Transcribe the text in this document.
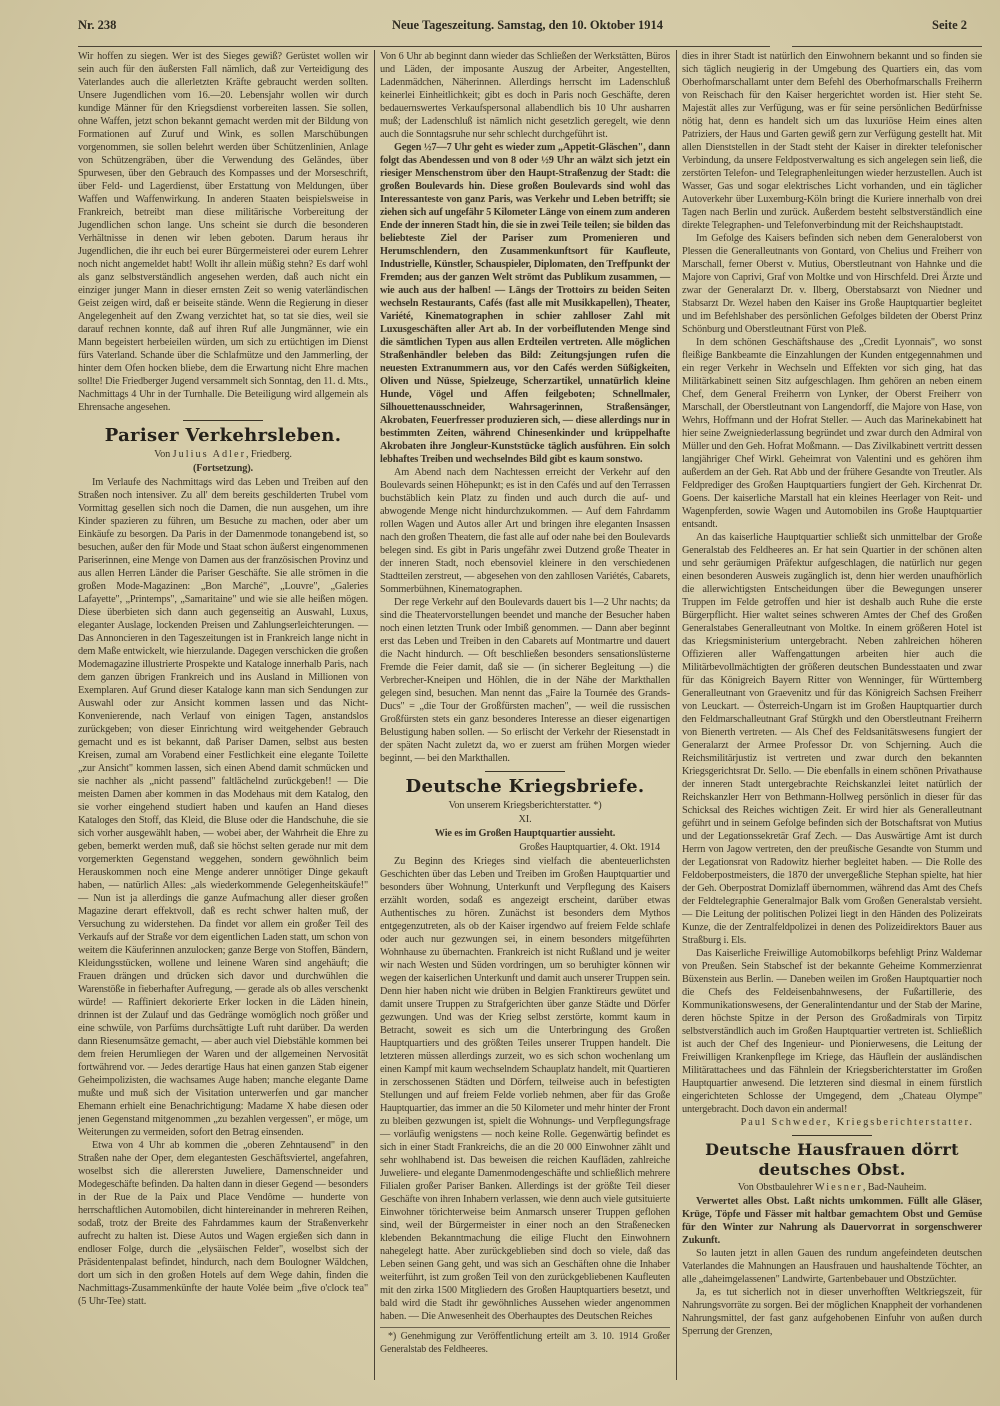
Nr. 238	Neue Tageszeitung. Samstag, den 10. Oktober 1914	Seite 2

Wir hoffen zu siegen. Wer ist des Sieges gewiß? Gerüstet wollen wir sein auch für den äußersten Fall nämlich, daß zur Verteidigung des Vaterlandes auch die allerletzten Kräfte gebraucht werden sollten. Unsere Jugendlichen vom 16.—20. Lebensjahr wollen wir durch kundige Männer für den Kriegsdienst vorbereiten lassen. Sie sollen, ohne Waffen, jetzt schon bekannt gemacht werden mit der Bildung von Formationen auf Zuruf und Wink, es sollen Marschübungen vorgenommen, sie sollen belehrt werden über Schützenlinien, Anlage von Schützengräben, über die Verwendung des Geländes, über Spurwesen, über den Gebrauch des Kompasses und der Morseschrift, über Feld- und Lagerdienst, über Erstattung von Meldungen, über Waffen und Waffenwirkung. In anderen Staaten beispielsweise in Frankreich, betreibt man diese militärische Vorbereitung der Jugendlichen schon lange. Uns scheint sie durch die besonderen Verhältnisse in denen wir leben geboten. Darum heraus ihr Jugendlichen, die ihr euch bei eurer Bürgermeisterei oder eurem Lehrer noch nicht angemeldet habt! Wollt ihr allein müßig stehn? Es darf wohl als ganz selbstverständlich angesehen werden, daß auch nicht ein einziger junger Mann in dieser ernsten Zeit so wenig vaterländischen Geist zeigen wird, daß er beiseite stände. Wenn die Regierung in dieser Angelegenheit auf den Zwang verzichtet hat, so tat sie dies, weil sie darauf rechnen konnte, daß auf ihren Ruf alle Jungmänner, wie ein Mann begeistert herbeieilen würden, um sich zu ertüchtigen im Dienst fürs Vaterland. Schande über die Schlafmütze und den Jammerling, der hinter dem Ofen hocken bliebe, dem die Erwartung nicht Ehre machen sollte! Die Friedberger Jugend versammelt sich Sonntag, den 11. d. Mts., Nachmittags 4 Uhr in der Turnhalle. Die Beteiligung wird allgemein als Ehrensache angesehen.

Pariser Verkehrsleben.
Von Julius Adler, Friedberg.
(Fortsetzung).

Im Verlaufe des Nachmittags wird das Leben und Treiben auf den Straßen noch intensiver. Zu all' dem bereits geschilderten Trubel vom Vormittag gesellen sich noch die Damen, die nun ausgehen, um ihre Kinder spazieren zu führen, um Besuche zu machen, oder aber um Einkäufe zu besorgen. Da Paris in der Damenmode tonangebend ist, so besuchen, außer den für Mode und Staat schon äußerst eingenommenen Pariserinnen, eine Menge von Damen aus der französischen Provinz und aus allen Herren Länder die Pariser Geschäfte. Sie alle strömen in die großen Mode-Magazinen: „Bon Marché", „Louvre", „Galeries Lafayette", „Printemps", „Samaritaine" und wie sie alle heißen mögen. Diese überbieten sich dann auch gegenseitig an Auswahl, Luxus, eleganter Auslage, lockenden Preisen und Zahlungserleichterungen. — Das Annoncieren in den Tageszeitungen ist in Frankreich lange nicht in dem Maße entwickelt, wie hierzulande. Dagegen verschicken die großen Modemagazine illustrierte Prospekte und Kataloge innerhalb Paris, nach dem ganzen übrigen Frankreich und ins Ausland in Millionen von Exemplaren. Auf Grund dieser Kataloge kann man sich Sendungen zur Auswahl oder zur Ansicht kommen lassen und das Nicht-Konvenierende, nach Verlauf von einigen Tagen, anstandslos zurückgeben; von dieser Einrichtung wird weitgehender Gebrauch gemacht und es ist bekannt, daß Pariser Damen, selbst aus besten Kreisen, zumal am Vorabend einer Festlichkeit eine elegante Toilette „zur Ansicht" kommen lassen, sich einen Abend damit schmücken und sie nachher als „nicht passend" faltlächelnd zurückgeben!! — Die meisten Damen aber kommen in das Modehaus mit dem Katalog, den sie vorher eingehend studiert haben und kaufen an Hand dieses Kataloges den Stoff, das Kleid, die Bluse oder die Handschuhe, die sie sich vorher ausgewählt haben, — wobei aber, der Wahrheit die Ehre zu geben, bemerkt werden muß, daß sie höchst selten gerade nur mit dem vorgemerkten Gegenstand weggehen, sondern gewöhnlich beim Herauskommen noch eine Menge anderer unnötiger Dinge gekauft haben, — natürlich Alles: „als wiederkommende Gelegenheitskäufe!" — Nun ist ja allerdings die ganze Aufmachung aller dieser großen Magazine derart effektvoll, daß es recht schwer halten muß, der Versuchung zu widerstehen. Da findet vor allem ein großer Teil des Verkaufs auf der Straße vor dem eigentlichen Laden statt, um schon von weitem die Käuferinnen anzulocken; ganze Berge von Stoffen, Bändern, Kleidungsstücken, wollene und leinene Waren sind angehäuft; die Frauen drängen und drücken sich davor und durchwühlen die Warenstöße in fieberhafter Aufregung, — gerade als ob alles verschenkt würde! — Raffiniert dekorierte Erker locken in die Läden hinein, drinnen ist der Zulauf und das Gedränge womöglich noch größer und eine schwüle, von Parfüms durchsättigte Luft ruht darüber. Da werden dann Riesenumsätze gemacht, — aber auch viel Diebstähle kommen bei dem freien Herumliegen der Waren und der allgemeinen Nervosität fortwährend vor. — Jedes derartige Haus hat einen ganzen Stab eigener Geheimpolizisten, die wachsames Auge haben; manche elegante Dame mußte und muß sich der Visitation unterwerfen und gar mancher Ehemann erhielt eine Benachrichtigung: Madame X habe diesen oder jenen Gegenstand mitgenommen „zu bezahlen vergessen", er möge, um Weiterungen zu vermeiden, sofort den Betrag einsenden.

Etwa von 4 Uhr ab kommen die „oberen Zehntausend" in den Straßen nahe der Oper, dem elegantesten Geschäftsviertel, angefahren, woselbst sich die allerersten Juweliere, Damenschneider und Modegeschäfte befinden. Da halten dann in dieser Gegend — besonders in der Rue de la Paix und Place Vendôme — hunderte von herrschaftlichen Automobilen, dicht hintereinander in mehreren Reihen, sodaß, trotz der Breite des Fahrdammes kaum der Straßenverkehr aufrecht zu halten ist. Diese Autos und Wagen ergießen sich dann in endloser Folge, durch die „elysäischen Felder", woselbst sich der Präsidentenpalast befindet, hindurch, nach dem Boulogner Wäldchen, dort um sich in den großen Hotels auf dem Wege dahin, finden die Nachmittags-Zusammenkünfte der haute Volée beim „five o'clock tea" (5 Uhr-Tee) statt.

Von 6 Uhr ab beginnt dann wieder das Schließen der Werkstätten, Büros und Läden, der imposante Auszug der Arbeiter, Angestellten, Ladenmädchen, Näherinnen. Allerdings herrscht im Ladenschluß keinerlei Einheitlichkeit; gibt es doch in Paris noch Geschäfte, deren bedauernswertes Verkaufspersonal allabendlich bis 10 Uhr ausharren muß; der Ladenschluß ist nämlich nicht gesetzlich geregelt, wie denn auch die Sonntagsruhe nur sehr schlecht durchgeführt ist.

Gegen ½7—7 Uhr geht es wieder zum „Appetit-Gläschen", dann folgt das Abendessen und von 8 oder ½9 Uhr an wälzt sich jetzt ein riesiger Menschenstrom über den Haupt-Straßenzug der Stadt: die großen Boulevards hin. Diese großen Boulevards sind wohl das Interessanteste von ganz Paris, was Verkehr und Leben betrifft; sie ziehen sich auf ungefähr 5 Kilometer Länge von einem zum anderen Ende der inneren Stadt hin, die sie in zwei Teile teilen; sie bilden das beliebteste Ziel der Pariser zum Promenieren und Herumschlendern, den Zusammenkunftsort für Kaufleute, Industrielle, Künstler, Schauspieler, Diplomaten, den Treffpunkt der Fremden; aus der ganzen Welt strömt das Publikum zusammen, — wie auch aus der halben! — Längs der Trottoirs zu beiden Seiten wechseln Restaurants, Cafés (fast alle mit Musikkapellen), Theater, Variété, Kinematographen in schier zahlloser Zahl mit Luxusgeschäften aller Art ab. In der vorbeiflutenden Menge sind die sämtlichen Typen aus allen Erdteilen vertreten. Alle möglichen Straßenhändler beleben das Bild: Zeitungsjungen rufen die neuesten Extranummern aus, vor den Cafés werden Süßigkeiten, Oliven und Nüsse, Spielzeuge, Scherzartikel, unnatürlich kleine Hunde, Vögel und Affen feilgeboten; Schnellmaler, Silhouettenausschneider, Wahrsagerinnen, Straßensänger, Akrobaten, Feuerfresser produzieren sich, — diese allerdings nur in bestimmten Zeiten, während Chinesenkinder und krüppelhafte Akrobaten ihre Jongleur-Kunststücke täglich ausführen. Ein solch lebhaftes Treiben und wechselndes Bild gibt es kaum sonstwo.

Am Abend nach dem Nachtessen erreicht der Verkehr auf den Boulevards seinen Höhepunkt; es ist in den Cafés und auf den Terrassen buchstäblich kein Platz zu finden und auch durch die auf- und abwogende Menge nicht hindurchzukommen. — Auf dem Fahrdamm rollen Wagen und Autos aller Art und bringen ihre eleganten Insassen nach den großen Theatern, die fast alle auf oder nahe bei den Boulevards belegen sind. Es gibt in Paris ungefähr zwei Dutzend große Theater in der inneren Stadt, noch ebensoviel kleinere in den verschiedenen Stadtteilen zerstreut, — abgesehen von den zahllosen Variétés, Cabarets, Sommerbühnen, Kinematographen.

Der rege Verkehr auf den Boulevards dauert bis 1—2 Uhr nachts; da sind die Theatervorstellungen beendet und manche der Besucher haben noch einen letzten Trunk oder Imbiß genommen. — Dann aber beginnt erst das Leben und Treiben in den Cabarets auf Montmartre und dauert die Nacht hindurch. — Oft beschließen besonders sensationslüsterne Fremde die Feier damit, daß sie — (in sicherer Begleitung —) die Verbrecher-Kneipen und Höhlen, die in der Nähe der Markthallen gelegen sind, besuchen. Man nennt das „Faire la Tournée des Grands-Ducs" = „die Tour der Großfürsten machen", — weil die russischen Großfürsten stets ein ganz besonderes Interesse an dieser eigenartigen Belustigung haben sollen. — So erlischt der Verkehr der Riesenstadt in der späten Nacht zuletzt da, wo er zuerst am frühen Morgen wieder beginnt, — bei den Markthallen.

Deutsche Kriegsbriefe.
Von unserem Kriegsberichterstatter. *)
XI.
Wie es im Großen Hauptquartier aussieht.
Großes Hauptquartier, 4. Okt. 1914

Zu Beginn des Krieges sind vielfach die abenteuerlichsten Geschichten über das Leben und Treiben im Großen Hauptquartier und besonders über Wohnung, Unterkunft und Verpflegung des Kaisers erzählt worden, sodaß es angezeigt erscheint, darüber etwas Authentisches zu hören. Zunächst ist besonders dem Mythos entgegenzutreten, als ob der Kaiser irgendwo auf freiem Felde schlafe oder auch nur gezwungen sei, in einem besonders mitgeführten Wohnhause zu übernachten. Frankreich ist nicht Rußland und je weiter wir nach Westen und Süden vordringen, um so beruhigter können wir wegen der kaiserlichen Unterkunft und damit auch unserer Truppen sein. Denn hier haben nicht wie drüben in Belgien Franktireurs gewütet und damit unsere Truppen zu Strafgerichten über ganze Städte und Dörfer gezwungen. Und was der Krieg selbst zerstörte, kommt kaum in Betracht, soweit es sich um die Unterbringung des Großen Hauptquartiers und des größten Teiles unserer Truppen handelt. Die letzteren müssen allerdings zurzeit, wo es sich schon wochenlang um einen Kampf mit kaum wechselndem Schauplatz handelt, mit Quartieren in zerschossenen Städten und Dörfern, teilweise auch in befestigten Stellungen und auf freiem Felde vorlieb nehmen, aber für das Große Hauptquartier, das immer an die 50 Kilometer und mehr hinter der Front zu bleiben gezwungen ist, spielt die Wohnungs- und Verpflegungsfrage — vorläufig wenigstens — noch keine Rolle. Gegenwärtig befindet es sich in einer Stadt Frankreichs, die an die 20 000 Einwohner zählt und sehr wohlhabend ist. Das beweisen die reichen Kaufläden, zahlreiche Juweliere- und elegante Damenmodengeschäfte und schließlich mehrere Filialen großer Pariser Banken. Allerdings ist der größte Teil dieser Geschäfte von ihren Inhabern verlassen, wie denn auch viele gutsituierte Einwohner törichterweise beim Anmarsch unserer Truppen geflohen sind, weil der Bürgermeister in einer noch an den Straßenecken klebenden Bekanntmachung die eilige Flucht den Einwohnern nahegelegt hatte. Aber zurückgeblieben sind doch so viele, daß das Leben seinen Gang geht, und was sich an Geschäften ohne die Inhaber weiterführt, ist zum großen Teil von den zurückgebliebenen Kaufleuten mit den zirka 1500 Mitgliedern des Großen Hauptquartiers besetzt, und bald wird die Stadt ihr gewöhnliches Aussehen wieder angenommen haben. — Die Anwesenheit des Oberhauptes des Deutschen Reiches

*) Genehmigung zur Veröffentlichung erteilt am 3. 10. 1914 Großer Generalstab des Feldheeres.

dies in ihrer Stadt ist natürlich den Einwohnern bekannt und so finden sie sich täglich neugierig in der Umgebung des Quartiers ein, das vom Oberhofmarschallamt unter dem Befehl des Oberhofmarschalls Freiherrn von Reischach für den Kaiser hergerichtet worden ist. Hier steht Se. Majestät alles zur Verfügung, was er für seine persönlichen Bedürfnisse nötig hat, denn es handelt sich um das luxuriöse Heim eines alten Patriziers, der Haus und Garten gewiß gern zur Verfügung gestellt hat. Mit allen Dienststellen in der Stadt steht der Kaiser in direkter telefonischer Verbindung, da unsere Feldpostverwaltung es sich angelegen sein ließ, die zerstörten Telefon- und Telegraphenleitungen wieder herzustellen. Auch ist Wasser, Gas und sogar elektrisches Licht vorhanden, und ein täglicher Autoverkehr über Luxemburg-Köln bringt die Kuriere innerhalb von drei Tagen nach Berlin und zurück. Außerdem besteht selbstverständlich eine direkte Telegraphen- und Telefonverbindung mit der Reichshauptstadt.

Im Gefolge des Kaisers befinden sich neben dem Generaloberst von Plessen die Generalleutnants von Gontard, von Chelius und Freiherr von Marschall, ferner Oberst v. Mutius, Oberstleutnant von Hahnke und die Majore von Caprivi, Graf von Moltke und von Hirschfeld. Drei Ärzte und zwar der Generalarzt Dr. v. Ilberg, Oberstabsarzt von Niedner und Stabsarzt Dr. Wezel haben den Kaiser ins Große Hauptquartier begleitet und im Befehlshaber des persönlichen Gefolges bildeten der Oberst Prinz Schönburg und Oberstleutnant Fürst von Pleß.

In dem schönen Geschäftshause des „Credit Lyonnais", wo sonst fleißige Bankbeamte die Einzahlungen der Kunden entgegennahmen und ein reger Verkehr in Wechseln und Effekten vor sich ging, hat das Militärkabinett seinen Sitz aufgeschlagen. Ihm gehören an neben einem Chef, dem General Freiherrn von Lynker, der Oberst Freiherr von Marschall, der Oberstleutnant von Langendorff, die Majore von Hase, von Wehrs, Hoffmann und der Hofrat Steller. — Auch das Marinekabinett hat hier seine Zweigniederlassung begründet und zwar durch den Admiral von Müller und den Geh. Hofrat Moßmann. — Das Zivilkabinett vertritt dessen langjähriger Chef Wirkl. Geheimrat von Valentini und es gehören ihm außerdem an der Geh. Rat Abb und der frühere Gesandte von Treutler. Als Feldprediger des Großen Hauptquartiers fungiert der Geh. Kirchenrat Dr. Goens. Der kaiserliche Marstall hat ein kleines Heerlager von Reit- und Wagenpferden, sowie Wagen und Automobilen ins Große Hauptquartier entsandt.

An das kaiserliche Hauptquartier schließt sich unmittelbar der Große Generalstab des Feldheeres an. Er hat sein Quartier in der schönen alten und sehr geräumigen Präfektur aufgeschlagen, die natürlich nur gegen einen besonderen Ausweis zugänglich ist, denn hier werden unaufhörlich die allerwichtigsten Entscheidungen über die Bewegungen unserer Truppen im Felde getroffen und hier ist deshalb auch Ruhe die erste Bürgerpflicht. Hier waltet seines schweren Amtes der Chef des Großen Generalstabes Generalleutnant von Moltke. In einem größeren Hotel ist das Kriegsministerium untergebracht. Neben zahlreichen höheren Offizieren aller Waffengattungen arbeiten hier auch die Militärbevollmächtigten der größeren deutschen Bundesstaaten und zwar für das Königreich Bayern Ritter von Wenninger, für Württemberg Generalleutnant von Graevenitz und für das Königreich Sachsen Freiherr von Leuckart. — Österreich-Ungarn ist im Großen Hauptquartier durch den Feldmarschalleutnant Graf Stürgkh und den Oberstleutnant Freiherrn von Bienerth vertreten. — Als Chef des Feldsanitätswesens fungiert der Generalarzt der Armee Professor Dr. von Schjerning. Auch die Reichsmilitärjustiz ist vertreten und zwar durch den bekannten Kriegsgerichtsrat Dr. Sello. — Die ebenfalls in einem schönen Privathause der inneren Stadt untergebrachte Reichskanzlei leitet natürlich der Reichskanzler Herr von Bethmann-Hollweg persönlich in dieser für das Schicksal des Reiches wichtigen Zeit. Er wird hier als Generalleutnant geführt und in seinem Gefolge befinden sich der Botschaftsrat von Mutius und der Legationssekretär Graf Zech. — Das Auswärtige Amt ist durch Herrn von Jagow vertreten, den der preußische Gesandte von Stumm und der Legationsrat von Radowitz hierher begleitet haben. — Die Rolle des Feldoberpostmeisters, die 1870 der unvergeßliche Stephan spielte, hat hier der Geh. Oberpostrat Domizlaff übernommen, während das Amt des Chefs der Feldtelegraphie Generalmajor Balk vom Großen Generalstab versieht. — Die Leitung der politischen Polizei liegt in den Händen des Polizeirats Kunze, die der Zentralfeldpolizei in denen des Polizeidirektors Bauer aus Straßburg i. Els.

Das Kaiserliche Freiwillige Automobilkorps befehligt Prinz Waldemar von Preußen. Sein Stabschef ist der bekannte Geheime Kommerzienrat Büxenstein aus Berlin. — Daneben weilen im Großen Hauptquartier noch die Chefs des Feldeisenbahnwesens, der Fußartillerie, des Kommunikationswesens, der Generalintendantur und der Stab der Marine, deren höchste Spitze in der Person des Großadmirals von Tirpitz selbstverständlich auch im Großen Hauptquartier vertreten ist. Schließlich ist auch der Chef des Ingenieur- und Pionierwesens, die Leitung der Freiwilligen Krankenpflege im Kriege, das Häuflein der ausländischen Militärattachees und das Fähnlein der Kriegsberichterstatter im Großen Hauptquartier anwesend. Die letzteren sind diesmal in einem fürstlich eingerichteten Schlosse der Umgegend, dem „Chateau Olympe" untergebracht. Doch davon ein andermal!

Paul Schweder, Kriegsberichterstatter.
Deutsche Hausfrauen dörrt deutsches Obst.
Von Obstbaulehrer Wiesner, Bad-Nauheim.

Verwertet alles Obst. Laßt nichts umkommen. Füllt alle Gläser, Krüge, Töpfe und Fässer mit haltbar gemachtem Obst und Gemüse für den Winter zur Nahrung als Dauervorrat in sorgenschwerer Zukunft.

So lauten jetzt in allen Gauen des rundum angefeindeten deutschen Vaterlandes die Mahnungen an Hausfrauen und haushaltende Töchter, an alle „daheimgelassenen" Landwirte, Gartenbebauer und Obstzüchter.

Ja, es tut sicherlich not in dieser unverhofften Weltkriegszeit, für Nahrungsvorräte zu sorgen. Bei der möglichen Knappheit der vorhandenen Nahrungsmittel, der fast ganz aufgehobenen Einfuhr von außen durch Sperrung der Grenzen,
